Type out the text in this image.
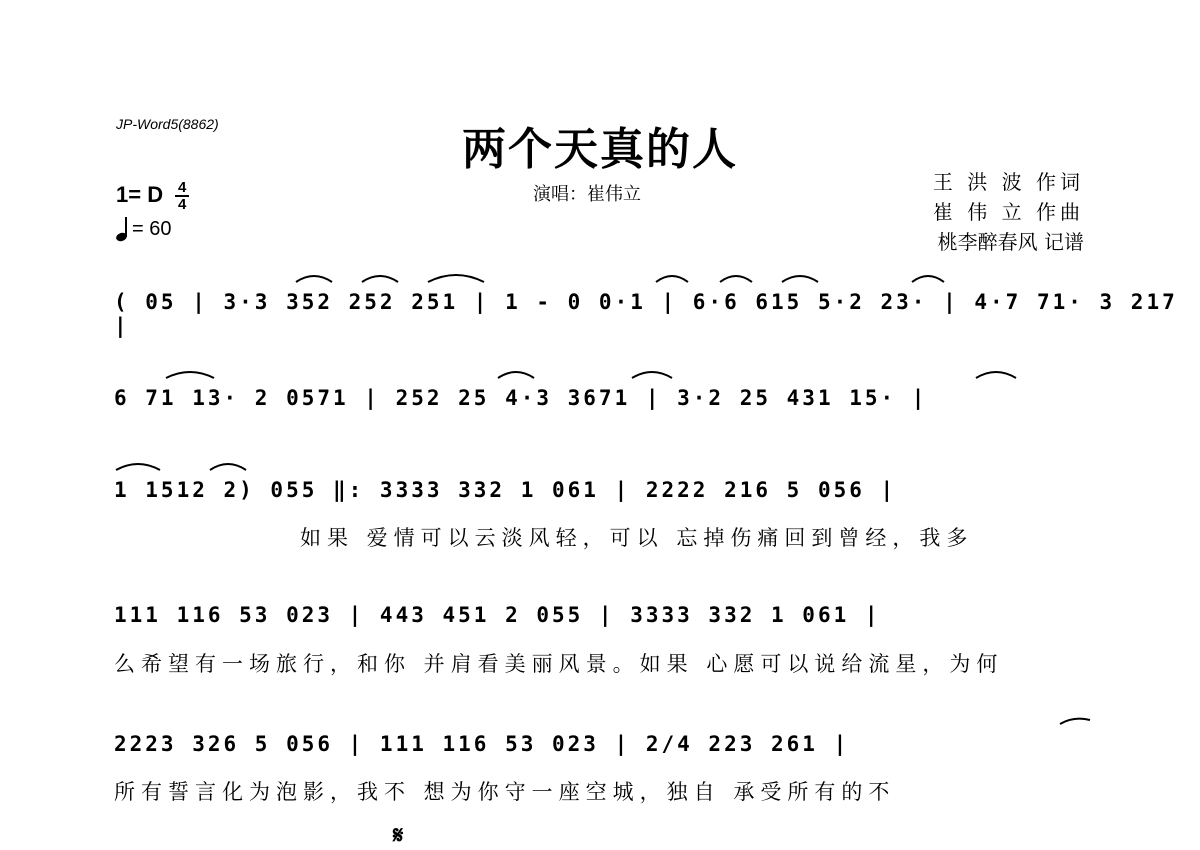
JP-Word5(8862)	两个天真的人
演唱：崔伟立
1= D $\frac{4}{4}$
= 60
王 洪 波 作词
崔 伟 立 作曲
桃李醉春风 记谱
( 05 | 3·3 352 252 251 | 1 - 0 0·1 | 6·6 615 5·2 23· | 4·7 71· 3 217 |
6 71 13· 2 0571 | 252 25 4·3 3671 | 3·2 25 431 15· |
1 1512 2) 055 ‖: 3333 332 1 061 | 2222 216 5 056 |
如果 爱情可以云淡风轻，可以 忘掉伤痛回到曾经，我多
111 116 53 023 | 443 451 2 055 | 3333 332 1 061 |
么希望有一场旅行，和你 并肩看美丽风景。如果 心愿可以说给流星，为何
2223 326 5 056 | 111 116 53 023 | 2/4 223 261 |
所有誓言化为泡影，我不 想为你守一座空城，独自 承受所有的不
𝄋
